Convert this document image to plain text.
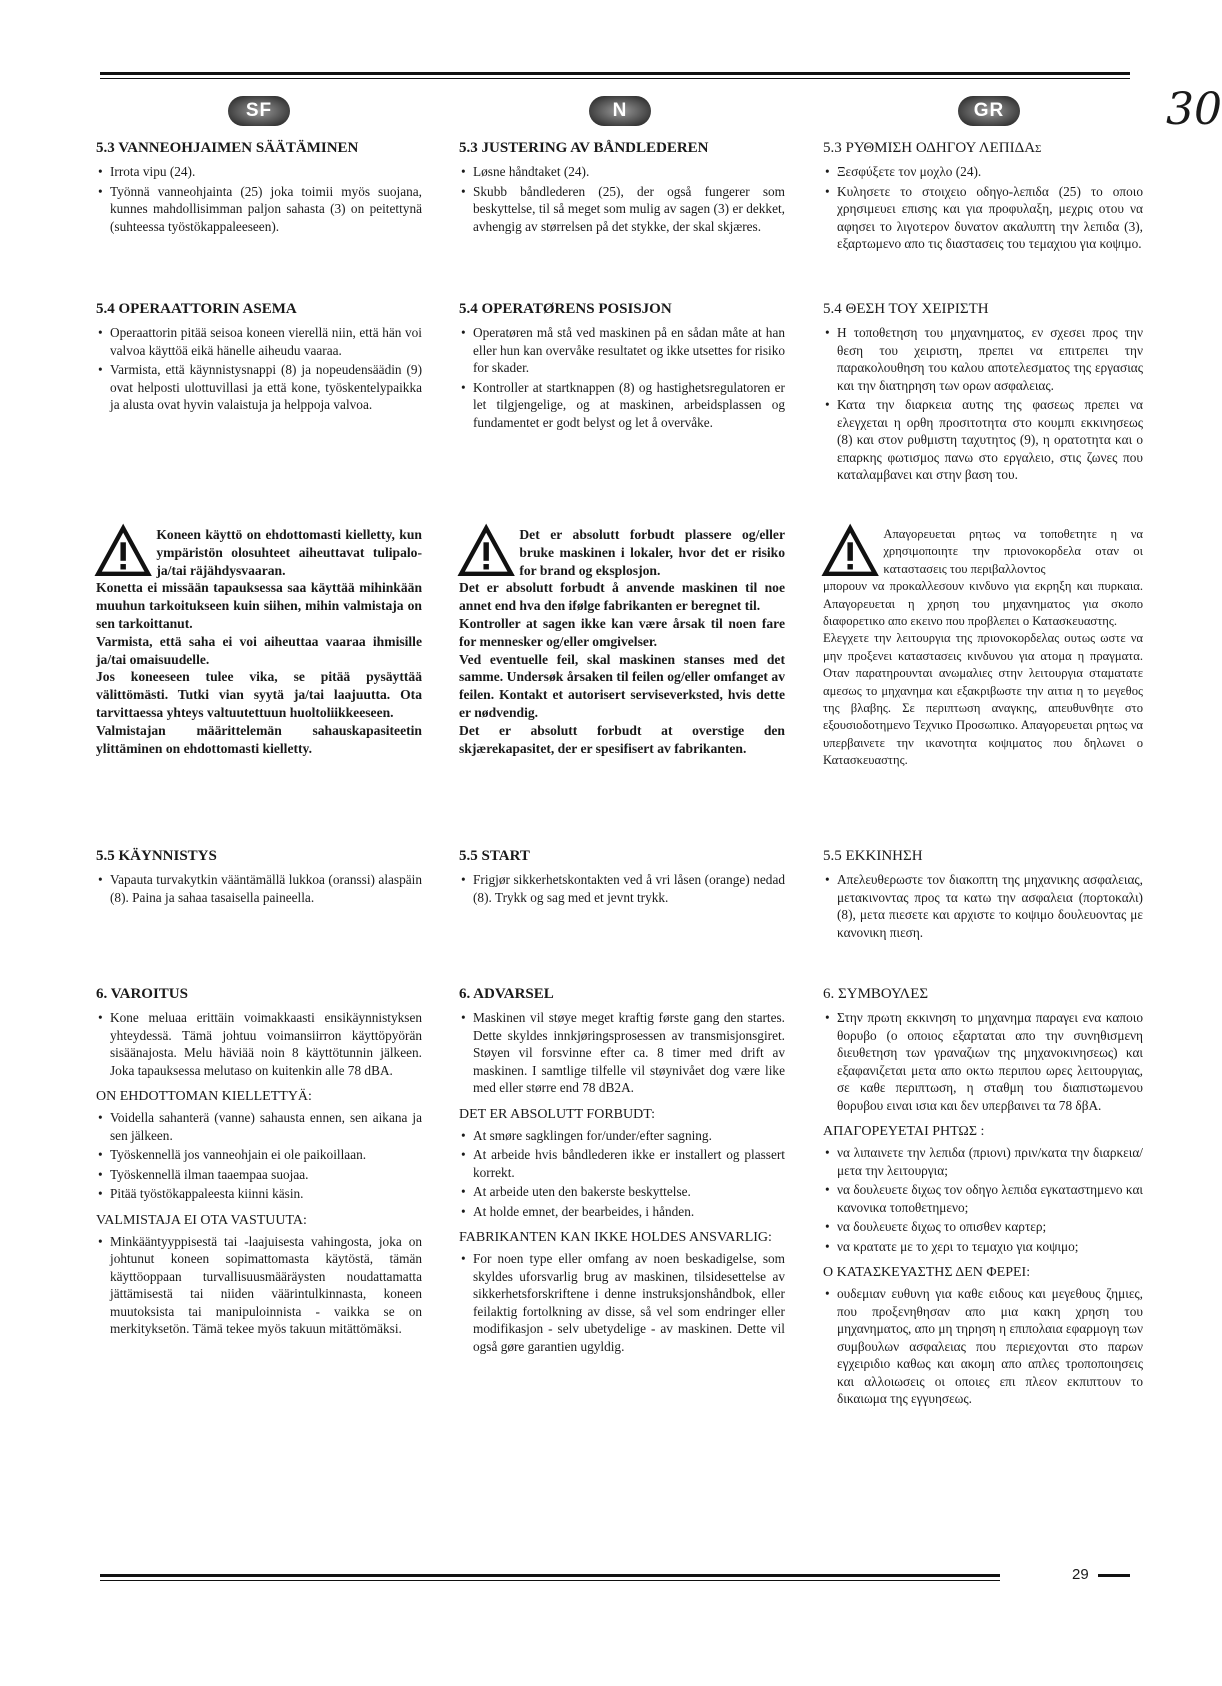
30
SF
5.3 VANNEOHJAIMEN SÄÄTÄMINEN
• Irrota vipu (24).
• Työnnä vanneohjainta (25) joka toimii myös suojana, kunnes mahdollisimman paljon sahasta (3) on peitettynä (suhteessa työstökappaleeseen).
5.4 OPERAATTORIN ASEMA
• Operaattorin pitää seisoa koneen vierellä niin, että hän voi valvoa käyttöä eikä hänelle aiheudu vaaraa.
• Varmista, että käynnistysnappi (8) ja nopeudensäädin (9) ovat helposti ulottuvillasi ja että kone, työskentelypaikka ja alusta ovat hyvin valaistuja ja helppoja valvoa.
5.5 KÄYNNISTYS
• Vapauta turvakytkin vääntämällä lukkoa (oranssi) alaspäin (8). Paina ja sahaa tasaisella paineella.
Koneen käyttö on ehdottomasti kielletty, kun ympäristön olosuhteet aiheuttavat tulipalo- ja/tai räjähdysvaaran.
Konetta ei missään tapauksessa saa käyttää mihinkään muuhun tarkoitukseen kuin siihen, mihin valmistaja on sen tarkoittanut.
Varmista, että saha ei voi aiheuttaa vaaraa ihmisille ja/tai omaisuudelle.
Jos koneeseen tulee vika, se pitää pysäyttää välittömästi. Tutki vian syytä ja/tai laajuutta. Ota tarvittaessa yhteys valtuutettuun huoltoliikkeeseen.
Valmistajan määrittelemän sahauskapasiteetin ylittäminen on ehdottomasti kielletty.
6. VAROITUS
• Kone meluaa erittäin voimakkaasti ensikäynnistyksen yhteydessä. Tämä johtuu voimansiirron käyttöpyörän sisäänajosta. Melu häviää noin 8 käyttötunnin jälkeen. Joka tapauksessa melutaso on kuitenkin alle 78 dBA.
ON EHDOTTOMAN KIELLETTYÄ:
• Voidella sahanterä (vanne) sahausta ennen, sen aikana ja sen jälkeen.
• Työskennellä jos vanneohjain ei ole paikoillaan.
• Työskennellä ilman taaempaa suojaa.
• Pitää työstökappaleesta kiinni käsin.
VALMISTAJA EI OTA VASTUUTA:
• Minkääntyyppisestä tai -laajuisesta vahingosta, joka on johtunut koneen sopimattomasta käytöstä, tämän käyttöoppaan turvallisuusmääräysten noudattamatta jättämisestä tai niiden väärintulkinnasta, koneen muutoksista tai manipuloinnista - vaikka se on merkityksetön. Tämä tekee myös takuun mitättömäksi.
N
5.3 JUSTERING AV BÅNDLEDEREN
• Løsne håndtaket (24).
• Skubb båndlederen (25), der også fungerer som beskyttelse, til så meget som mulig av sagen (3) er dekket, avhengig av størrelsen på det stykke, der skal skjæres.
5.4 OPERATØRENS POSISJON
• Operatøren må stå ved maskinen på en sådan måte at han eller hun kan overvåke resultatet og ikke utsettes for risiko for skader.
• Kontroller at startknappen (8) og hastighetsregulatoren er let tilgjengelige, og at maskinen, arbeidsplassen og fundamentet er godt belyst og let å overvåke.
5.5 START
• Frigjør sikkerhetskontakten ved å vri låsen (orange) nedad (8). Trykk og sag med et jevnt trykk.
Det er absolutt forbudt plassere og/eller bruke maskinen i lokaler, hvor det er risiko for brand og eksplosjon.
Det er absolutt forbudt å anvende maskinen til noe annet end hva den ifølge fabrikanten er beregnet til.
Kontroller at sagen ikke kan være årsak til noen fare for mennesker og/eller omgivelser.
Ved eventuelle feil, skal maskinen stanses med det samme. Undersøk årsaken til feilen og/eller omfanget av feilen. Kontakt et autorisert serviseverksted, hvis dette er nødvendig.
Det er absolutt forbudt at overstige den skjærekapasitet, der er spesifisert av fabrikanten.
6. ADVARSEL
• Maskinen vil støye meget kraftig første gang den startes. Dette skyldes innkjøringsprosessen av transmisjonsgiret. Støyen vil forsvinne efter ca. 8 timer med drift av maskinen. I samtlige tilfelle vil støynivået dog være like med eller større end 78 dB2A.
DET ER ABSOLUTT FORBUDT:
• At smøre sagklingen for/under/efter sagning.
• At arbeide hvis båndlederen ikke er installert og plassert korrekt.
• At arbeide uten den bakerste beskyttelse.
• At holde emnet, der bearbeides, i hånden.
FABRIKANTEN KAN IKKE HOLDES ANSVARLIG:
• For noen type eller omfang av noen beskadigelse, som skyldes uforsvarlig brug av maskinen, tilsidesettelse av sikkerhetsforskriftene i denne instruksjonshåndbok, eller feilaktig fortolkning av disse, så vel som endringer eller modifikasjon - selv ubetydelige - av maskinen. Dette vil også gøre garantien ugyldig.
GR
5.3 ΡΥΘΜΙΣΗ ΟΔΗΓΟΥ ΛΕΠΙΔΑς
• Ξεσφύξετε τον μοχλο (24).
• Κυλησετε το στοιχειο οδηγο-λεπιδα (25) το οποιο χρησιμευει επισης και για προφυλαξη, μεχρις οτου να αφησει το λιγοτερον δυνατον ακαλυπτη την λεπιδα (3), εξαρτωμενο απο τις διαστασεις του τεμαχιου για κοψιμο.
5.4 ΘΕΣΗ ΤΟΥ ΧΕΙΡΙΣΤΗ
• Η τοποθετηση του μηχανηματος, εν σχεσει προς την θεση του χειριστη, πρεπει να επιτρεπει την παρακολουθηση του καλου αποτελεσματος της εργασιας και την διατηρηση των ορων ασφαλειας.
• Κατα την διαρκεια αυτης της φασεως πρεπει να ελεγχεται η ορθη προσιτοτητα στο κουμπι εκκινησεως (8) και στον ρυθμιστη ταχυτητος (9), η ορατοτητα και ο επαρκης φωτισμος πανω στο εργαλειο, στις ζωνες που καταλαμβανει και στην βαση του.
5.5 ΕΚΚΙΝΗΣΗ
• Απελευθερωστε τον διακοπτη της μηχανικης ασφαλειας, μετακινοντας προς τα κατω την ασφαλεια (πορτοκαλι) (8), μετα πιεσετε και αρχιστε το κοψιμο δουλευοντας με κανονικη πιεση.
Απαγορευεται ρητως να τοποθετητε η να χρησιμοποιητε την πριονοκορδελα οταν οι καταστασεις του περιβαλλοντος
μπορουν να προκαλλεσουν κινδυνο για εκρηξη και πυρκαια. Απαγορευεται η χρηση του μηχανηματος για σκοπο διαφορετικο απο εκεινο που προβλεπει ο Κατασκευαστης.
Ελεγχετε την λειτουργια της πριονοκορδελας ουτως ωστε να μην προξενει καταστασεις κινδυνου για ατομα η πραγματα. Οταν παρατηρουνται ανωμαλιες στην λειτουργια σταματατε αμεσως το μηχανημα και εξακριβωστε την αιτια η το μεγεθος της βλαβης. Σε περιπτωση αναγκης, απευθυνθητε στο εξουσιοδοτημενο Τεχνικο Προσωπικο. Απαγορευεται ρητως να υπερβαινετε την ικανοτητα κοψιματος που δηλωνει ο Κατασκευαστης.
6. ΣΥΜΒΟΥΛΕΣ
• Στην πρωτη εκκινηση το μηχανημα παραγει ενα καποιο θορυβο (ο οποιος εξαρταται απο την συνηθισμενη διευθετηση των γραναζιων της μηχανοκινησεως) και εξαφανιζεται μετα απο οκτω περιπου ωρες λειτουργιας, σε καθε περιπτωση, η σταθμη του διαπιστωμενου θορυβου ειναι ισια και δεν υπερβαινει τα 78 δβΑ.
ΑΠΑΓΟΡΕΥΕΤΑΙ ΡΗΤΩΣ :
• να λιπαινετε την λεπιδα (πριονι) πριν/κατα την διαρκεια/μετα την λειτουργια;
• να δουλευετε διχως τον οδηγο λεπιδα εγκαταστημενο και κανονικα τοποθετημενο;
• να δουλευετε διχως το οπισθεν καρτερ;
• να κρατατε με το χερι το τεμαχιο για κοψιμο;
Ο ΚΑΤΑΣΚΕΥΑΣΤΗΣ ΔΕΝ ΦΕΡΕΙ:
• ουδεμιαν ευθυνη για καθε ειδους και μεγεθους ζημιες, που προξενηθησαν απο μια κακη χρηση του μηχανηματος, απο μη τηρηση η επιπολαια εφαρμογη των συμβουλων ασφαλειας που περιεχονται στο παρων εγχειριδιο καθως και ακομη απο απλες τροποποιησεις και αλλοιωσεις οι οποιες επι πλεον εκπιπτουν το δικαιωμα της εγγυησεως.
29
